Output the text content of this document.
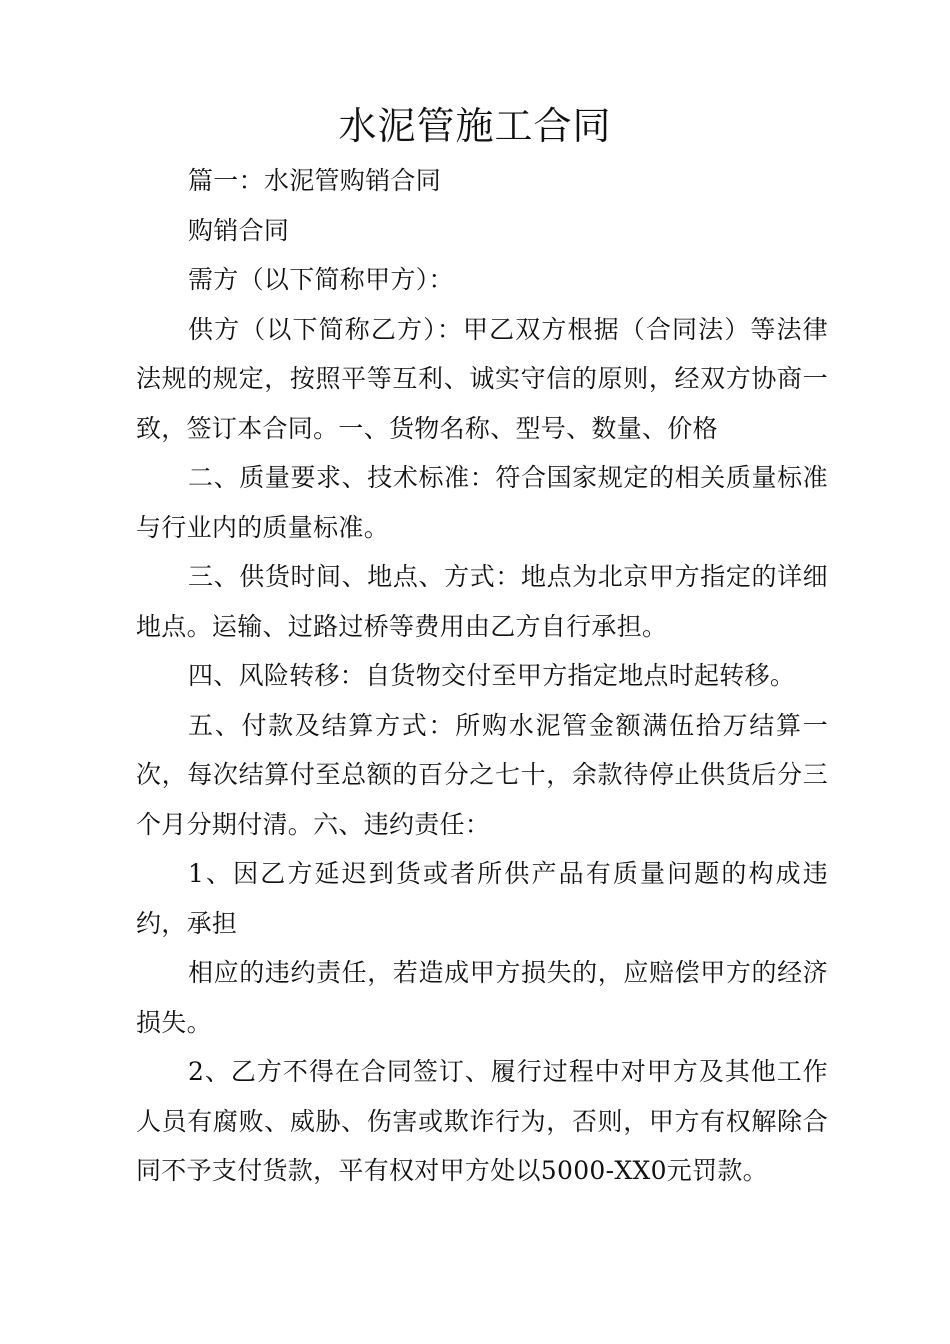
水泥管施工合同

篇一：水泥管购销合同

购销合同

需方（以下简称甲方）：

供方（以下简称乙方）：甲乙双方根据（合同法）等法律法规的规定，按照平等互利、诚实守信的原则，经双方协商一致，签订本合同。一、货物名称、型号、数量、价格

二、质量要求、技术标准：符合国家规定的相关质量标准与行业内的质量标准。

三、供货时间、地点、方式：地点为北京甲方指定的详细地点。运输、过路过桥等费用由乙方自行承担。

四、风险转移：自货物交付至甲方指定地点时起转移。

五、付款及结算方式：所购水泥管金额满伍拾万结算一次，每次结算付至总额的百分之七十，余款待停止供货后分三个月分期付清。六、违约责任：

1、因乙方延迟到货或者所供产品有质量问题的构成违约，承担

相应的违约责任，若造成甲方损失的，应赔偿甲方的经济损失。

2、乙方不得在合同签订、履行过程中对甲方及其他工作人员有腐败、威胁、伤害或欺诈行为，否则，甲方有权解除合同不予支付货款，平有权对甲方处以5000-XX0元罚款。
